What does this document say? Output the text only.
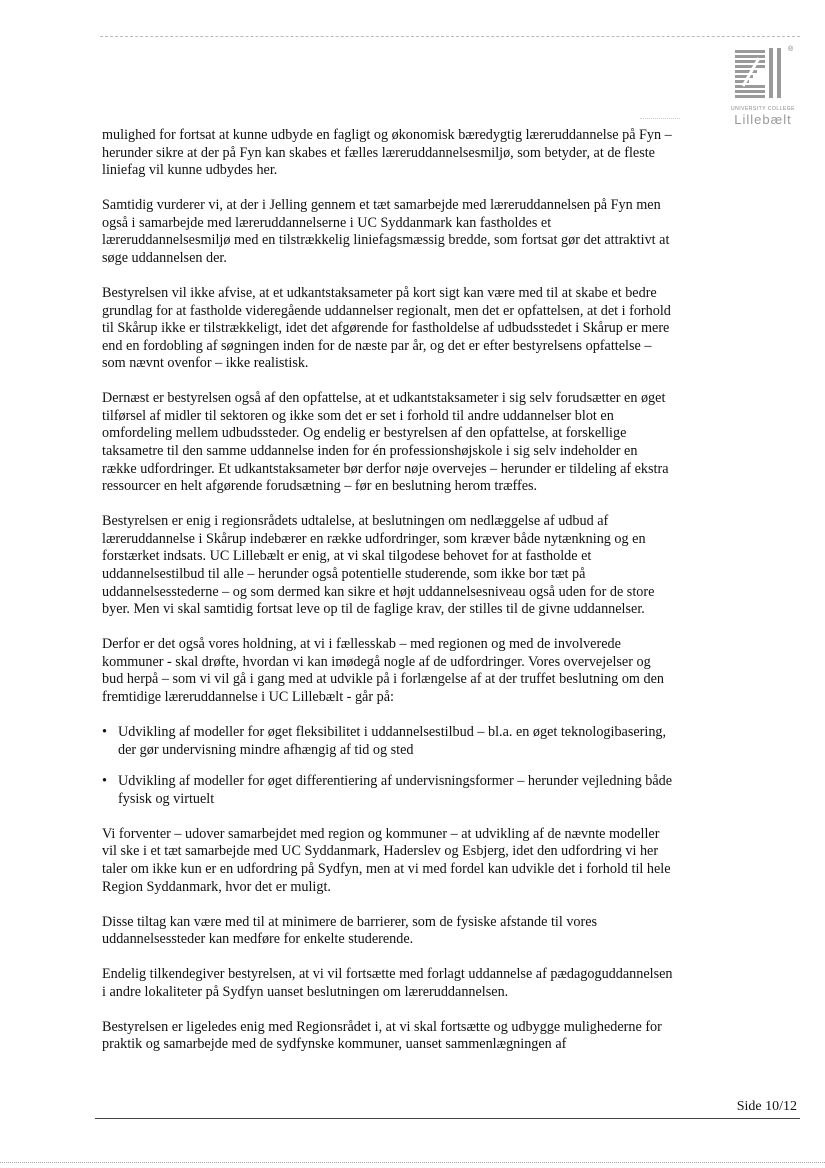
®
UNIVERSITY COLLEGE
Lillebælt

mulighed for fortsat at kunne udbyde en fagligt og økonomisk bæredygtig læreruddannelse på Fyn – herunder sikre at der på Fyn kan skabes et fælles læreruddannelsesmiljø, som betyder, at de fleste liniefag vil kunne udbydes her.

Samtidig vurderer vi, at der i Jelling gennem et tæt samarbejde med læreruddannelsen på Fyn men også i samarbejde med læreruddannelserne i UC Syddanmark kan fastholdes et læreruddannelsesmiljø med en tilstrækkelig liniefagsmæssig bredde, som fortsat gør det attraktivt at søge uddannelsen der.

Bestyrelsen vil ikke afvise, at et udkantstaksameter på kort sigt kan være med til at skabe et bedre grundlag for at fastholde videregående uddannelser regionalt, men det er opfattelsen, at det i forhold til Skårup ikke er tilstrækkeligt, idet det afgørende for fastholdelse af udbudsstedet i Skårup er mere end en fordobling af søgningen inden for de næste par år, og det er efter bestyrelsens opfattelse – som nævnt ovenfor – ikke realistisk.

Dernæst er bestyrelsen også af den opfattelse, at et udkantstaksameter i sig selv forudsætter en øget tilførsel af midler til sektoren og ikke som det er set i forhold til andre uddannelser blot en omfordeling mellem udbudssteder. Og endelig er bestyrelsen af den opfattelse, at forskellige taksametre til den samme uddannelse inden for én professionshøjskole i sig selv indeholder en række udfordringer. Et udkantstaksameter bør derfor nøje overvejes – herunder er tildeling af ekstra ressourcer en helt afgørende forudsætning – før en beslutning herom træffes.

Bestyrelsen er enig i regionsrådets udtalelse, at beslutningen om nedlæggelse af udbud af læreruddannelse i Skårup indebærer en række udfordringer, som kræver både nytænkning og en forstærket indsats. UC Lillebælt er enig, at vi skal tilgodese behovet for at fastholde et uddannelsestilbud til alle – herunder også potentielle studerende, som ikke bor tæt på uddannelsesstederne – og som dermed kan sikre et højt uddannelsesniveau også uden for de store byer. Men vi skal samtidig fortsat leve op til de faglige krav, der stilles til de givne uddannelser.

Derfor er det også vores holdning, at vi i fællesskab – med regionen og med de involverede kommuner - skal drøfte, hvordan vi kan imødegå nogle af de udfordringer. Vores overvejelser og bud herpå – som vi vil gå i gang med at udvikle på i forlængelse af at der truffet beslutning om den fremtidige læreruddannelse i UC Lillebælt - går på:

• Udvikling af modeller for øget fleksibilitet i uddannelsestilbud – bl.a. en øget teknologibasering, der gør undervisning mindre afhængig af tid og sted
• Udvikling af modeller for øget differentiering af undervisningsformer – herunder vejledning både fysisk og virtuelt

Vi forventer – udover samarbejdet med region og kommuner – at udvikling af de nævnte modeller vil ske i et tæt samarbejde med UC Syddanmark, Haderslev og Esbjerg, idet den udfordring vi her taler om ikke kun er en udfordring på Sydfyn, men at vi med fordel kan udvikle det i forhold til hele Region Syddanmark, hvor det er muligt.

Disse tiltag kan være med til at minimere de barrierer, som de fysiske afstande til vores uddannelsessteder kan medføre for enkelte studerende.

Endelig tilkendegiver bestyrelsen, at vi vil fortsætte med forlagt uddannelse af pædagoguddannelsen i andre lokaliteter på Sydfyn uanset beslutningen om læreruddannelsen.

Bestyrelsen er ligeledes enig med Regionsrådet i, at vi skal fortsætte og udbygge mulighederne for praktik og samarbejde med de sydfynske kommuner, uanset sammenlægningen af

Side 10/12
